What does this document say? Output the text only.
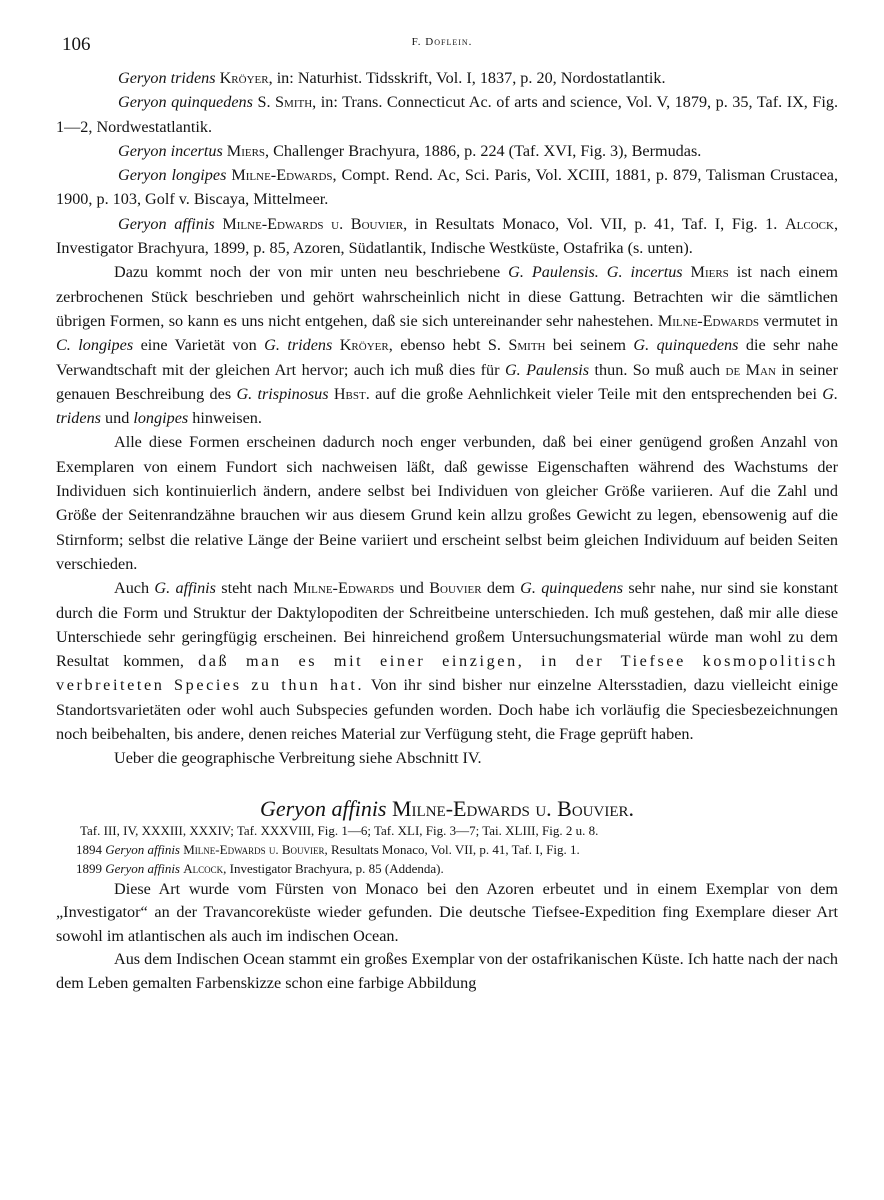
106	F. Doflein.

Geryon tridens Kröyer, in: Naturhist. Tidsskrift, Vol. I, 1837, p. 20, Nordostatlantik.

Geryon quinquedens S. Smith, in: Trans. Connecticut Ac. of arts and science, Vol. V, 1879, p. 35, Taf. IX, Fig. 1—2, Nordwestatlantik.

Geryon incertus Miers, Challenger Brachyura, 1886, p. 224 (Taf. XVI, Fig. 3), Bermudas.

Geryon longipes Milne-Edwards, Compt. Rend. Ac, Sci. Paris, Vol. XCIII, 1881, p. 879, Talisman Crustacea, 1900, p. 103, Golf v. Biscaya, Mittelmeer.

Geryon affinis Milne-Edwards u. Bouvier, in Resultats Monaco, Vol. VII, p. 41, Taf. I, Fig. 1. Alcock, Investigator Brachyura, 1899, p. 85, Azoren, Südatlantik, Indische Westküste, Ostafrika (s. unten).

Dazu kommt noch der von mir unten neu beschriebene G. Paulensis. G. incertus Miers ist nach einem zerbrochenen Stück beschrieben und gehört wahrscheinlich nicht in diese Gattung. Betrachten wir die sämtlichen übrigen Formen, so kann es uns nicht entgehen, daß sie sich untereinander sehr nahestehen. Milne-Edwards vermutet in C. longipes eine Varietät von G. tridens Kröyer, ebenso hebt S. Smith bei seinem G. quinquedens die sehr nahe Verwandtschaft mit der gleichen Art hervor; auch ich muß dies für G. Paulensis thun. So muß auch de Man in seiner genauen Beschreibung des G. trispinosus Hbst. auf die große Aehnlichkeit vieler Teile mit den entsprechenden bei G. tridens und longipes hinweisen.

Alle diese Formen erscheinen dadurch noch enger verbunden, daß bei einer genügend großen Anzahl von Exemplaren von einem Fundort sich nachweisen läßt, daß gewisse Eigenschaften während des Wachstums der Individuen sich kontinuierlich ändern, andere selbst bei Individuen von gleicher Größe variieren. Auf die Zahl und Größe der Seitenrandzähne brauchen wir aus diesem Grund kein allzu großes Gewicht zu legen, ebensowenig auf die Stirnform; selbst die relative Länge der Beine variiert und erscheint selbst beim gleichen Individuum auf beiden Seiten verschieden.

Auch G. affinis steht nach Milne-Edwards und Bouvier dem G. quinquedens sehr nahe, nur sind sie konstant durch die Form und Struktur der Daktylopoditen der Schreitbeine unterschieden. Ich muß gestehen, daß mir alle diese Unterschiede sehr geringfügig erscheinen. Bei hinreichend großem Untersuchungsmaterial würde man wohl zu dem Resultat kommen, daß man es mit einer einzigen, in der Tiefsee kosmopolitisch verbreiteten Species zu thun hat. Von ihr sind bisher nur einzelne Altersstadien, dazu vielleicht einige Standortsvarietäten oder wohl auch Subspecies gefunden worden. Doch habe ich vorläufig die Speciesbezeichnungen noch beibehalten, bis andere, denen reiches Material zur Verfügung steht, die Frage geprüft haben.

Ueber die geographische Verbreitung siehe Abschnitt IV.

Geryon affinis Milne-Edwards u. Bouvier.

Taf. III, IV, XXXIII, XXXIV; Taf. XXXVIII, Fig. 1—6; Taf. XLI, Fig. 3—7; Tai. XLIII, Fig. 2 u. 8.

1894 Geryon affinis Milne-Edwards u. Bouvier, Resultats Monaco, Vol. VII, p. 41, Taf. I, Fig. 1.

1899 Geryon affinis Alcock, Investigator Brachyura, p. 85 (Addenda).

Diese Art wurde vom Fürsten von Monaco bei den Azoren erbeutet und in einem Exemplar von dem „Investigator“ an der Travancoreküste wieder gefunden. Die deutsche Tiefsee-Expedition fing Exemplare dieser Art sowohl im atlantischen als auch im indischen Ocean.

Aus dem Indischen Ocean stammt ein großes Exemplar von der ostafrikanischen Küste. Ich hatte nach der nach dem Leben gemalten Farbenskizze schon eine farbige Abbildung
